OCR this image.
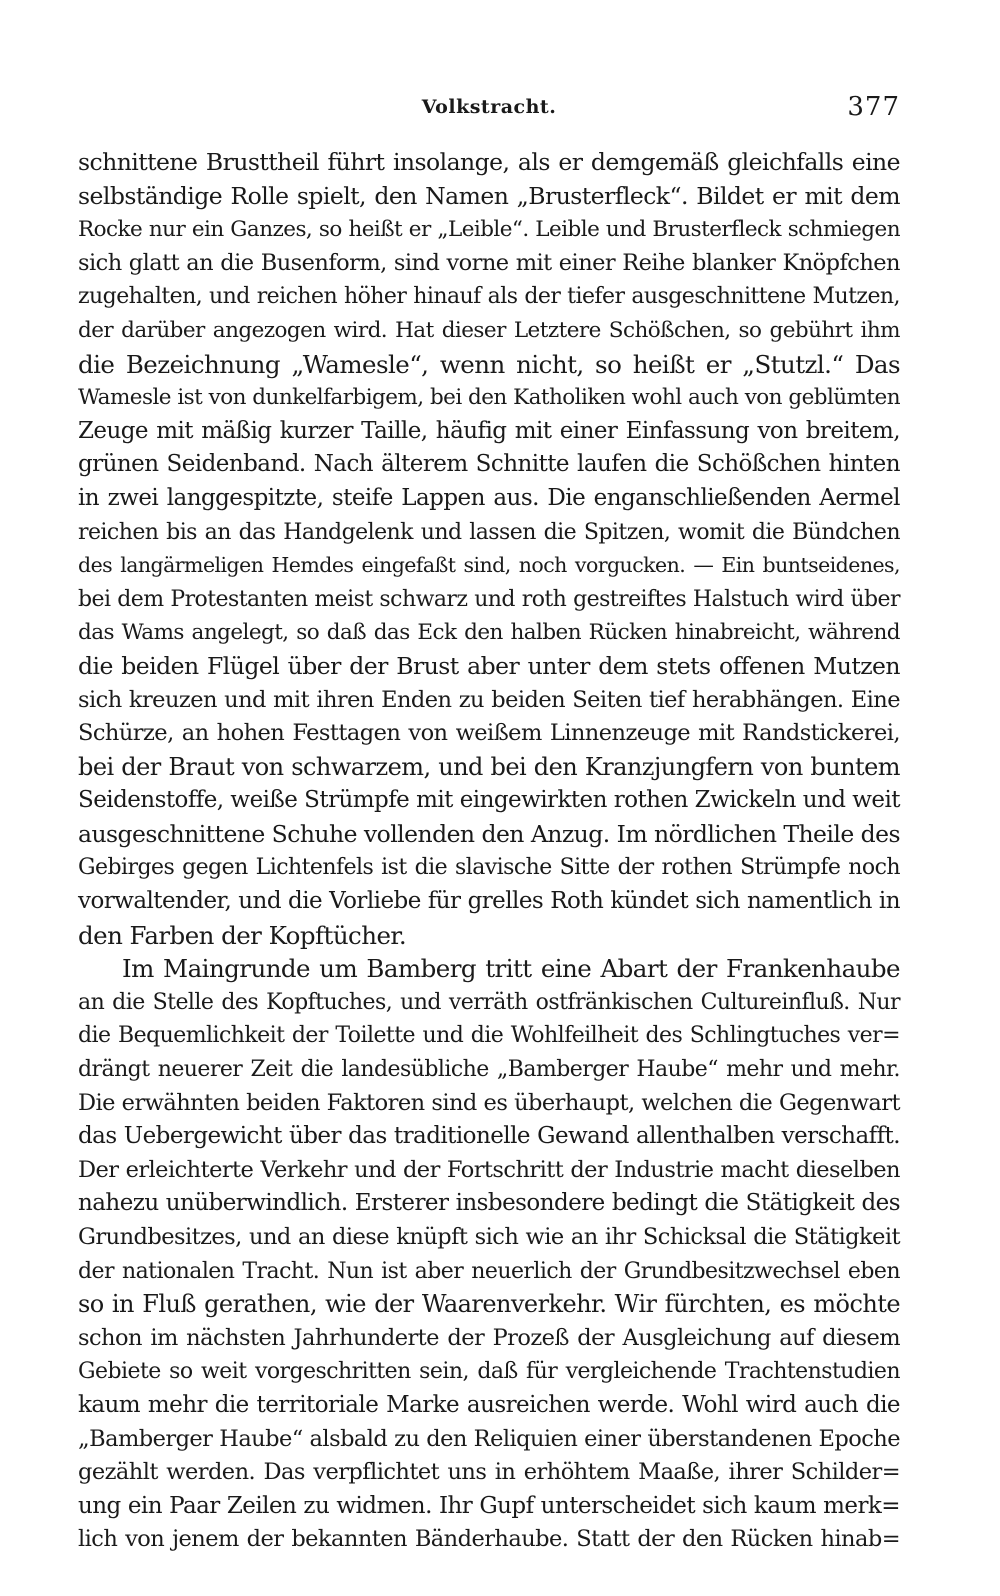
Volkstracht.	377
schnittene Brusttheil führt insolange, als er demgemäß gleichfalls eine
selbständige Rolle spielt, den Namen „Brusterfleck“. Bildet er mit dem
Rocke nur ein Ganzes, so heißt er „Leible“. Leible und Brusterfleck schmiegen
sich glatt an die Busenform, sind vorne mit einer Reihe blanker Knöpfchen
zugehalten, und reichen höher hinauf als der tiefer ausgeschnittene Mutzen,
der darüber angezogen wird. Hat dieser Letztere Schößchen, so gebührt ihm
die Bezeichnung „Wamesle“, wenn nicht, so heißt er „Stutzl.“ Das
Wamesle ist von dunkelfarbigem, bei den Katholiken wohl auch von geblümten
Zeuge mit mäßig kurzer Taille, häufig mit einer Einfassung von breitem,
grünen Seidenband. Nach älterem Schnitte laufen die Schößchen hinten
in zwei langgespitzte, steife Lappen aus. Die enganschließenden Aermel
reichen bis an das Handgelenk und lassen die Spitzen, womit die Bündchen
des langärmeligen Hemdes eingefaßt sind, noch vorgucken. — Ein buntseidenes,
bei dem Protestanten meist schwarz und roth gestreiftes Halstuch wird über
das Wams angelegt, so daß das Eck den halben Rücken hinabreicht, während
die beiden Flügel über der Brust aber unter dem stets offenen Mutzen
sich kreuzen und mit ihren Enden zu beiden Seiten tief herabhängen. Eine
Schürze, an hohen Festtagen von weißem Linnenzeuge mit Randstickerei,
bei der Braut von schwarzem, und bei den Kranzjungfern von buntem
Seidenstoffe, weiße Strümpfe mit eingewirkten rothen Zwickeln und weit
ausgeschnittene Schuhe vollenden den Anzug. Im nördlichen Theile des
Gebirges gegen Lichtenfels ist die slavische Sitte der rothen Strümpfe noch
vorwaltender, und die Vorliebe für grelles Roth kündet sich namentlich in
den Farben der Kopftücher.
Im Maingrunde um Bamberg tritt eine Abart der Frankenhaube
an die Stelle des Kopftuches, und verräth ostfränkischen Cultureinfluß. Nur
die Bequemlichkeit der Toilette und die Wohlfeilheit des Schlingtuches ver=
drängt neuerer Zeit die landesübliche „Bamberger Haube“ mehr und mehr.
Die erwähnten beiden Faktoren sind es überhaupt, welchen die Gegenwart
das Uebergewicht über das traditionelle Gewand allenthalben verschafft.
Der erleichterte Verkehr und der Fortschritt der Industrie macht dieselben
nahezu unüberwindlich. Ersterer insbesondere bedingt die Stätigkeit des
Grundbesitzes, und an diese knüpft sich wie an ihr Schicksal die Stätigkeit
der nationalen Tracht. Nun ist aber neuerlich der Grundbesitzwechsel eben
so in Fluß gerathen, wie der Waarenverkehr. Wir fürchten, es möchte
schon im nächsten Jahrhunderte der Prozeß der Ausgleichung auf diesem
Gebiete so weit vorgeschritten sein, daß für vergleichende Trachtenstudien
kaum mehr die territoriale Marke ausreichen werde. Wohl wird auch die
„Bamberger Haube“ alsbald zu den Reliquien einer überstandenen Epoche
gezählt werden. Das verpflichtet uns in erhöhtem Maaße, ihrer Schilder=
ung ein Paar Zeilen zu widmen. Ihr Gupf unterscheidet sich kaum merk=
lich von jenem der bekannten Bänderhaube. Statt der den Rücken hinab=
